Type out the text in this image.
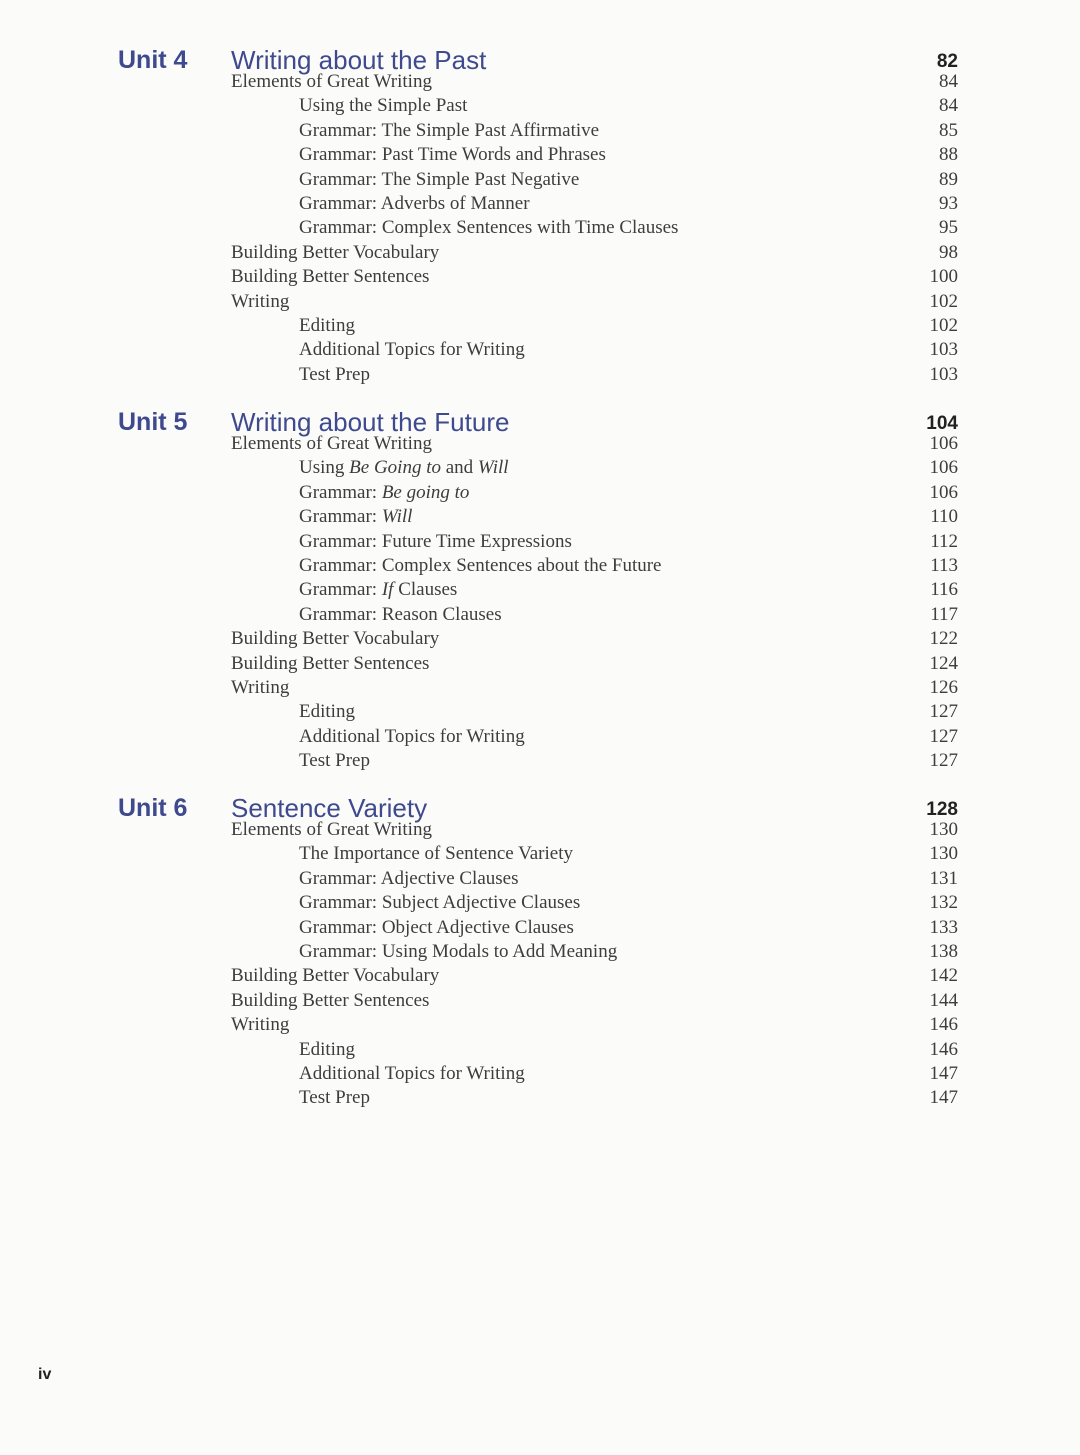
Unit 4 Writing about the Past	82
Elements of Great Writing	84
Using the Simple Past	84
Grammar: The Simple Past Affirmative	85
Grammar: Past Time Words and Phrases	88
Grammar: The Simple Past Negative	89
Grammar: Adverbs of Manner	93
Grammar: Complex Sentences with Time Clauses	95
Building Better Vocabulary	98
Building Better Sentences	100
Writing	102
Editing	102
Additional Topics for Writing	103
Test Prep	103
Unit 5 Writing about the Future	104
Elements of Great Writing	106
Using Be Going to and Will	106
Grammar: Be going to	106
Grammar: Will	110
Grammar: Future Time Expressions	112
Grammar: Complex Sentences about the Future	113
Grammar: If Clauses	116
Grammar: Reason Clauses	117
Building Better Vocabulary	122
Building Better Sentences	124
Writing	126
Editing	127
Additional Topics for Writing	127
Test Prep	127
Unit 6 Sentence Variety	128
Elements of Great Writing	130
The Importance of Sentence Variety	130
Grammar: Adjective Clauses	131
Grammar: Subject Adjective Clauses	132
Grammar: Object Adjective Clauses	133
Grammar: Using Modals to Add Meaning	138
Building Better Vocabulary	142
Building Better Sentences	144
Writing	146
Editing	146
Additional Topics for Writing	147
Test Prep	147
iv
